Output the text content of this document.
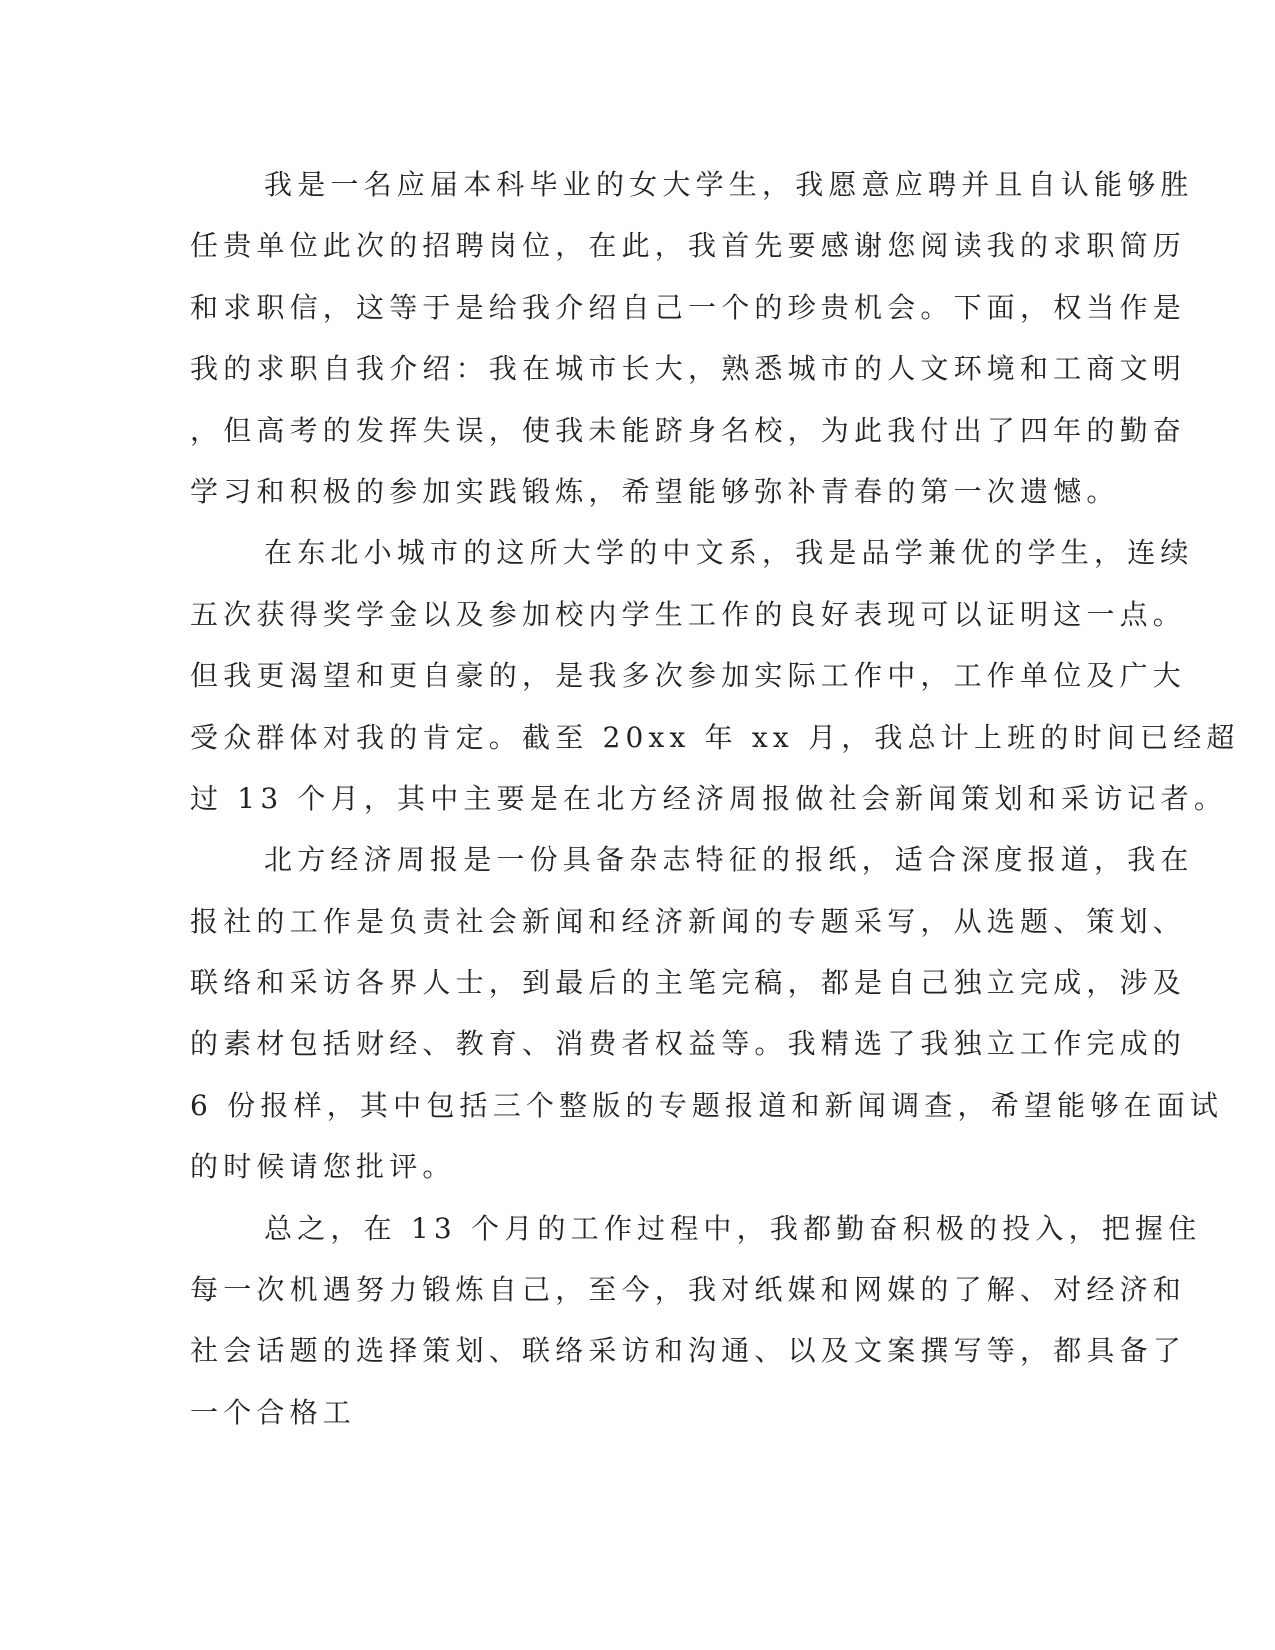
我是一名应届本科毕业的女大学生，我愿意应聘并且自认能够胜
任贵单位此次的招聘岗位，在此，我首先要感谢您阅读我的求职简历
和求职信，这等于是给我介绍自己一个的珍贵机会。下面，权当作是
我的求职自我介绍：我在城市长大，熟悉城市的人文环境和工商文明
，但高考的发挥失误，使我未能跻身名校，为此我付出了四年的勤奋
学习和积极的参加实践锻炼，希望能够弥补青春的第一次遗憾。
在东北小城市的这所大学的中文系，我是品学兼优的学生，连续
五次获得奖学金以及参加校内学生工作的良好表现可以证明这一点。
但我更渴望和更自豪的，是我多次参加实际工作中，工作单位及广大
受众群体对我的肯定。截至 20xx 年 xx 月，我总计上班的时间已经超
过 13 个月，其中主要是在北方经济周报做社会新闻策划和采访记者。
北方经济周报是一份具备杂志特征的报纸，适合深度报道，我在
报社的工作是负责社会新闻和经济新闻的专题采写，从选题、策划、
联络和采访各界人士，到最后的主笔完稿，都是自己独立完成，涉及
的素材包括财经、教育、消费者权益等。我精选了我独立工作完成的
6 份报样，其中包括三个整版的专题报道和新闻调查，希望能够在面试
的时候请您批评。
总之，在 13 个月的工作过程中，我都勤奋积极的投入，把握住
每一次机遇努力锻炼自己，至今，我对纸媒和网媒的了解、对经济和
社会话题的选择策划、联络采访和沟通、以及文案撰写等，都具备了
一个合格工
